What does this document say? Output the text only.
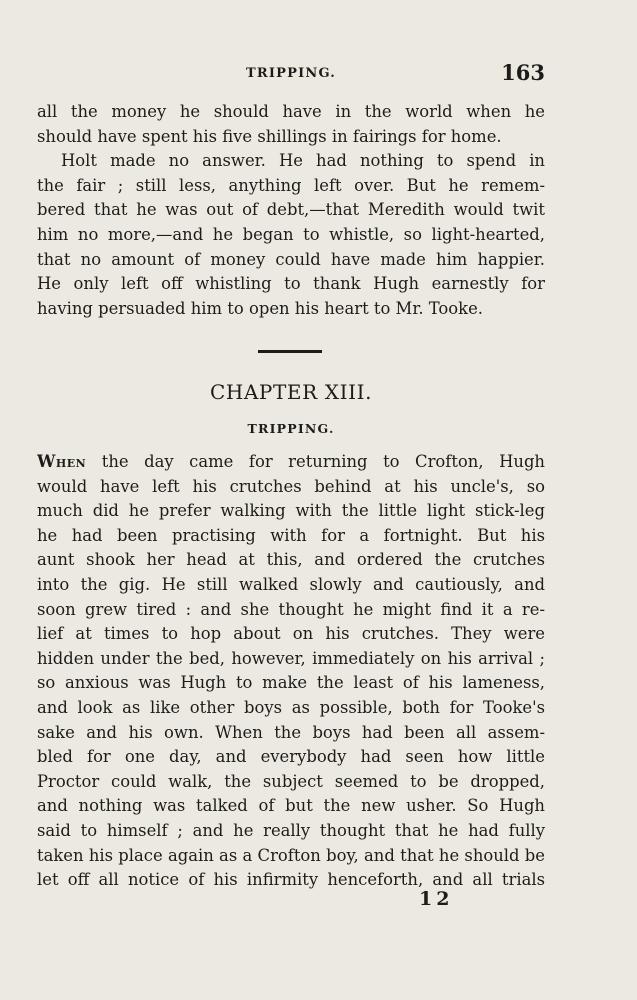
TRIPPING.	163
all the money he should have in the world when he
should have spent his five shillings in fairings for home.
Holt made no answer. He had nothing to spend in
the fair ; still less, anything left over. But he remem-
bered that he was out of debt,—that Meredith would twit
him no more,—and he began to whistle, so light-hearted,
that no amount of money could have made him happier.
He only left off whistling to thank Hugh earnestly for
having persuaded him to open his heart to Mr. Tooke.
CHAPTER XIII.
TRIPPING.
When the day came for returning to Crofton, Hugh
would have left his crutches behind at his uncle's, so
much did he prefer walking with the little light stick-leg
he had been practising with for a fortnight. But his
aunt shook her head at this, and ordered the crutches
into the gig. He still walked slowly and cautiously, and
soon grew tired : and she thought he might find it a re-
lief at times to hop about on his crutches. They were
hidden under the bed, however, immediately on his arrival ;
so anxious was Hugh to make the least of his lameness,
and look as like other boys as possible, both for Tooke's
sake and his own. When the boys had been all assem-
bled for one day, and everybody had seen how little
Proctor could walk, the subject seemed to be dropped,
and nothing was talked of but the new usher. So Hugh
said to himself ; and he really thought that he had fully
taken his place again as a Crofton boy, and that he should be
let off all notice of his infirmity henceforth, and all trials
12
